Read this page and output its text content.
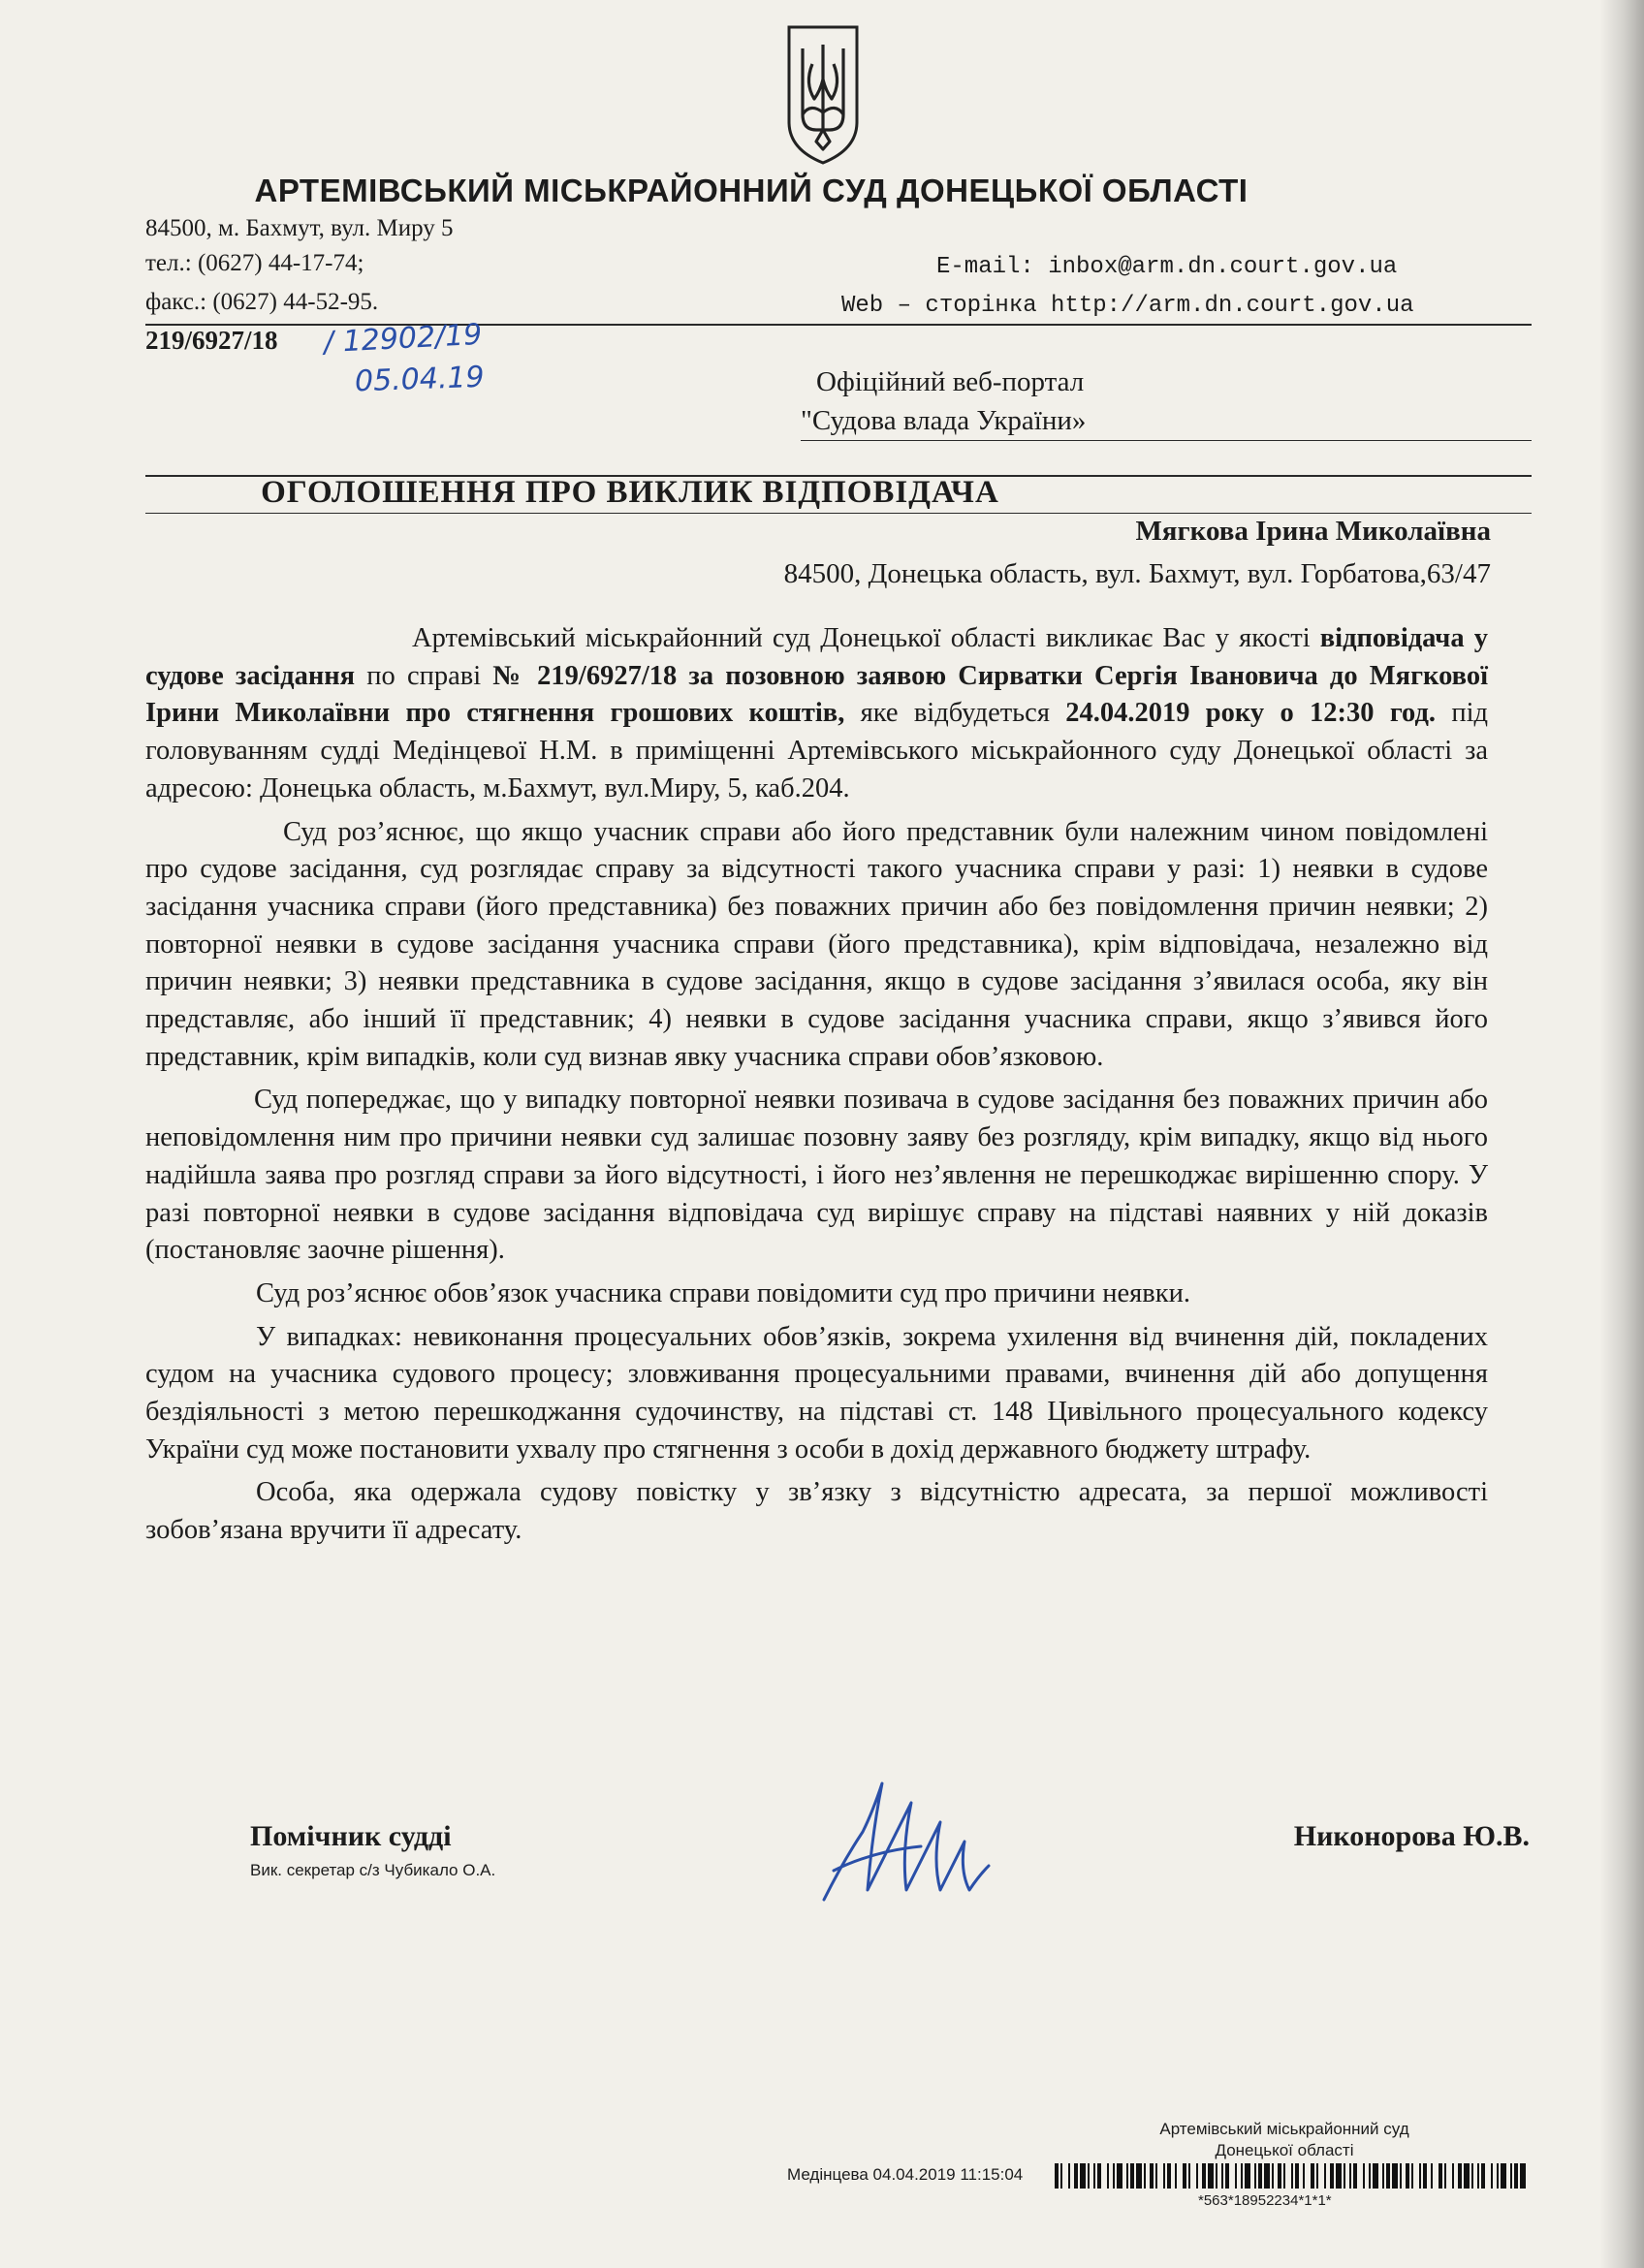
АРТЕМІВСЬКИЙ МІСЬКРАЙОННИЙ СУД ДОНЕЦЬКОЇ ОБЛАСТІ
84500, м. Бахмут, вул. Миру 5
тел.: (0627) 44-17-74;
факс.: (0627) 44-52-95.
E-mail: inbox@arm.dn.court.gov.ua
Web – сторінка http://arm.dn.court.gov.ua
219/6927/18 / 12902/19
05.04.19	Офіційний веб-портал
"Судова влада України»
ОГОЛОШЕННЯ ПРО ВИКЛИК ВІДПОВІДАЧА
Мягкова Ірина Миколаївна
84500, Донецька область, вул. Бахмут, вул. Горбатова,63/47

Артемівський міськрайонний суд Донецької області викликає Вас у якості відповідача у судове засідання по справі № 219/6927/18 за позовною заявою Сирватки Сергія Івановича до Мягкової Ірини Миколаївни про стягнення грошових коштів, яке відбудеться 24.04.2019 року о 12:30 год. під головуванням судді Медінцевої Н.М. в приміщенні Артемівського міськрайонного суду Донецької області за адресою: Донецька область, м.Бахмут, вул.Миру, 5, каб.204.

Суд роз’яснює, що якщо учасник справи або його представник були належним чином повідомлені про судове засідання, суд розглядає справу за відсутності такого учасника справи у разі: 1) неявки в судове засідання учасника справи (його представника) без поважних причин або без повідомлення причин неявки; 2) повторної неявки в судове засідання учасника справи (його представника), крім відповідача, незалежно від причин неявки; 3) неявки представника в судове засідання, якщо в судове засідання з’явилася особа, яку він представляє, або інший її представник; 4) неявки в судове засідання учасника справи, якщо з’явився його представник, крім випадків, коли суд визнав явку учасника справи обов’язковою.

Суд попереджає, що у випадку повторної неявки позивача в судове засідання без поважних причин або неповідомлення ним про причини неявки суд залишає позовну заяву без розгляду, крім випадку, якщо від нього надійшла заява про розгляд справи за його відсутності, і його нез’явлення не перешкоджає вирішенню спору. У разі повторної неявки в судове засідання відповідача суд вирішує справу на підставі наявних у ній доказів (постановляє заочне рішення).

Суд роз’яснює обов’язок учасника справи повідомити суд про причини неявки.

У випадках: невиконання процесуальних обов’язків, зокрема ухилення від вчинення дій, покладених судом на учасника судового процесу; зловживання процесуальними правами, вчинення дій або допущення бездіяльності з метою перешкоджання судочинству, на підставі ст. 148 Цивільного процесуального кодексу України суд може постановити ухвалу про стягнення з особи в дохід державного бюджету штрафу.

Особа, яка одержала судову повістку у зв’язку з відсутністю адресата, за першої можливості зобов’язана вручити її адресату.

Помічник судді
Вик. секретар с/з Чубикало О.А.
Никонорова Ю.В.
Артемівський міськрайонний суд
Донецької області
Медінцева 04.04.2019 11:15:04
*563*18952234*1*1*
